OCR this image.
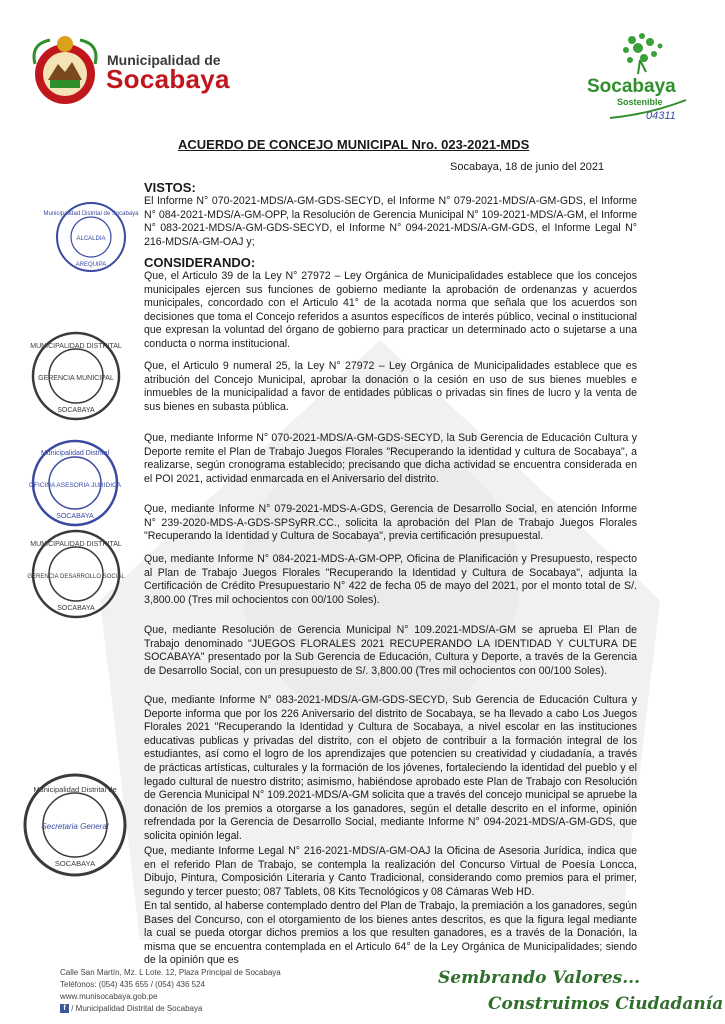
Municipalidad de
Socabaya	Socabaya
Sostenible
04311
ACUERDO DE CONCEJO MUNICIPAL Nro. 023-2021-MDS
Socabaya, 18 de junio del 2021
VISTOS:
El Informe N° 070-2021-MDS/A-GM-GDS-SECYD, el Informe N° 079-2021-MDS/A-GM-GDS, el Informe N° 084-2021-MDS/A-GM-OPP, la Resolución de Gerencia Municipal N° 109-2021-MDS/A-GM, el Informe N° 083-2021-MDS/A-GM-GDS-SECYD, el Informe N° 094-2021-MDS/A-GM-GDS, el Informe Legal N° 216-MDS/A-GM-OAJ y;
CONSIDERANDO:
Que, el Articulo 39 de la Ley N° 27972 – Ley Orgánica de Municipalidades establece que los concejos municipales ejercen sus funciones de gobierno mediante la aprobación de ordenanzas y acuerdos municipales, concordado con el Articulo 41° de la acotada norma que señala que los acuerdos son decisiones que toma el Concejo referidos a asuntos específicos de interés público, vecinal o institucional que expresan la voluntad del órgano de gobierno para practicar un determinado acto o sujetarse a una conducta o norma institucional.
Que, el Articulo 9 numeral 25, la Ley N° 27972 – Ley Orgánica de Municipalidades establece que es atribución del Concejo Municipal, aprobar la donación o la cesión en uso de sus bienes muebles e inmuebles de la municipalidad a favor de entidades públicas o privadas sin fines de lucro y la venta de sus bienes en subasta pública.
Que, mediante Informe N° 070-2021-MDS/A-GM-GDS-SECYD, la Sub Gerencia de Educación Cultura y Deporte remite el Plan de Trabajo Juegos Florales "Recuperando la identidad y cultura de Socabaya", a realizarse, según cronograma establecido; precisando que dicha actividad se encuentra considerada en el POI 2021, actividad enmarcada en el Aniversario del distrito.
Que, mediante Informe N° 079-2021-MDS-A-GDS, Gerencia de Desarrollo Social, en atención Informe N° 239-2020-MDS-A-GDS-SPSyRR.CC., solicita la aprobación del Plan de Trabajo Juegos Florales "Recuperando la Identidad y Cultura de Socabaya", previa certificación presupuestal.
Que, mediante Informe N° 084-2021-MDS-A-GM-OPP, Oficina de Planificación y Presupuesto, respecto al Plan de Trabajo Juegos Florales "Recuperando la Identidad y Cultura de Socabaya", adjunta la Certificación de Crédito Presupuestario N° 422 de fecha 05 de mayo del 2021, por el monto total de S/. 3,800.00 (Tres mil ochocientos con 00/100 Soles).
Que, mediante Resolución de Gerencia Municipal N° 109.2021-MDS/A-GM se aprueba El Plan de Trabajo denominado "JUEGOS FLORALES 2021 RECUPERANDO LA IDENTIDAD Y CULTURA DE SOCABAYA" presentado por la Sub Gerencia de Educación, Cultura y Deporte, a través de la Gerencia de Desarrollo Social, con un presupuesto de S/. 3,800.00 (Tres mil ochocientos con 00/100 Soles).
Que, mediante Informe N° 083-2021-MDS/A-GM-GDS-SECYD, Sub Gerencia de Educación Cultura y Deporte informa que por los 226 Aniversario del distrito de Socabaya, se ha llevado a cabo Los Juegos Florales 2021 "Recuperando la Identidad y Cultura de Socabaya, a nivel escolar en las instituciones educativas publicas y privadas del distrito, con el objeto de contribuir a la formación integral de los estudiantes, así como el logro de los aprendizajes que potencien su creatividad y ciudadanía, a través de prácticas artísticas, culturales y la formación de los jóvenes, fortaleciendo la identidad del pueblo y el legado cultural de nuestro distrito; asimismo, habiéndose aprobado este Plan de Trabajo con Resolución de Gerencia Municipal N° 109.2021-MDS/A-GM solicita que a través del concejo municipal se apruebe la donación de los premios a otorgarse a los ganadores, según el detalle descrito en el informe, opinión refrendada por la Gerencia de Desarrollo Social, mediante Informe N° 094-2021-MDS/A-GM-GDS, que solicita opinión legal.
Que, mediante Informe Legal N° 216-2021-MDS/A-GM-OAJ la Oficina de Asesoria Jurídica, indica que en el referido Plan de Trabajo, se contempla la realización del Concurso Virtual de Poesía Loncca, Dibujo, Pintura, Composición Literaria y Canto Tradicional, considerando como premios para el primer, segundo y tercer puesto; 087 Tablets, 08 Kits Tecnológicos y 08 Cámaras Web HD.
En tal sentido, al haberse contemplado dentro del Plan de Trabajo, la premiación a los ganadores, según Bases del Concurso, con el otorgamiento de los bienes antes descritos, es que la figura legal mediante la cual se pueda otorgar dichos premios a los que resulten ganadores, es a través de la Donación, la misma que se encuentra contemplada en el Articulo 64° de la Ley Orgánica de Municipalidades; siendo de la opinión que es
Municipalidad Distrital de Socabaya
ALCALDIA
AREQUIPA
MUNICIPALIDAD DISTRITAL
GERENCIA MUNICIPAL
SOCABAYA
Municipalidad Distrital
OFICINA ASESORIA JURIDICA
SOCABAYA
MUNICIPALIDAD DISTRITAL
GERENCIA DESARROLLO SOCIAL
SOCABAYA
Municipalidad Distrital de
Secretaria General
SOCABAYA
Calle San Martín, Mz. L Lote. 12, Plaza Principal de Socabaya
Teléfonos: (054) 435 655 / (054) 436 524
www.munisocabaya.gob.pe
f / Municipalidad Distrital de Socabaya
Sembrando Valores...
Construimos Ciudadanía
